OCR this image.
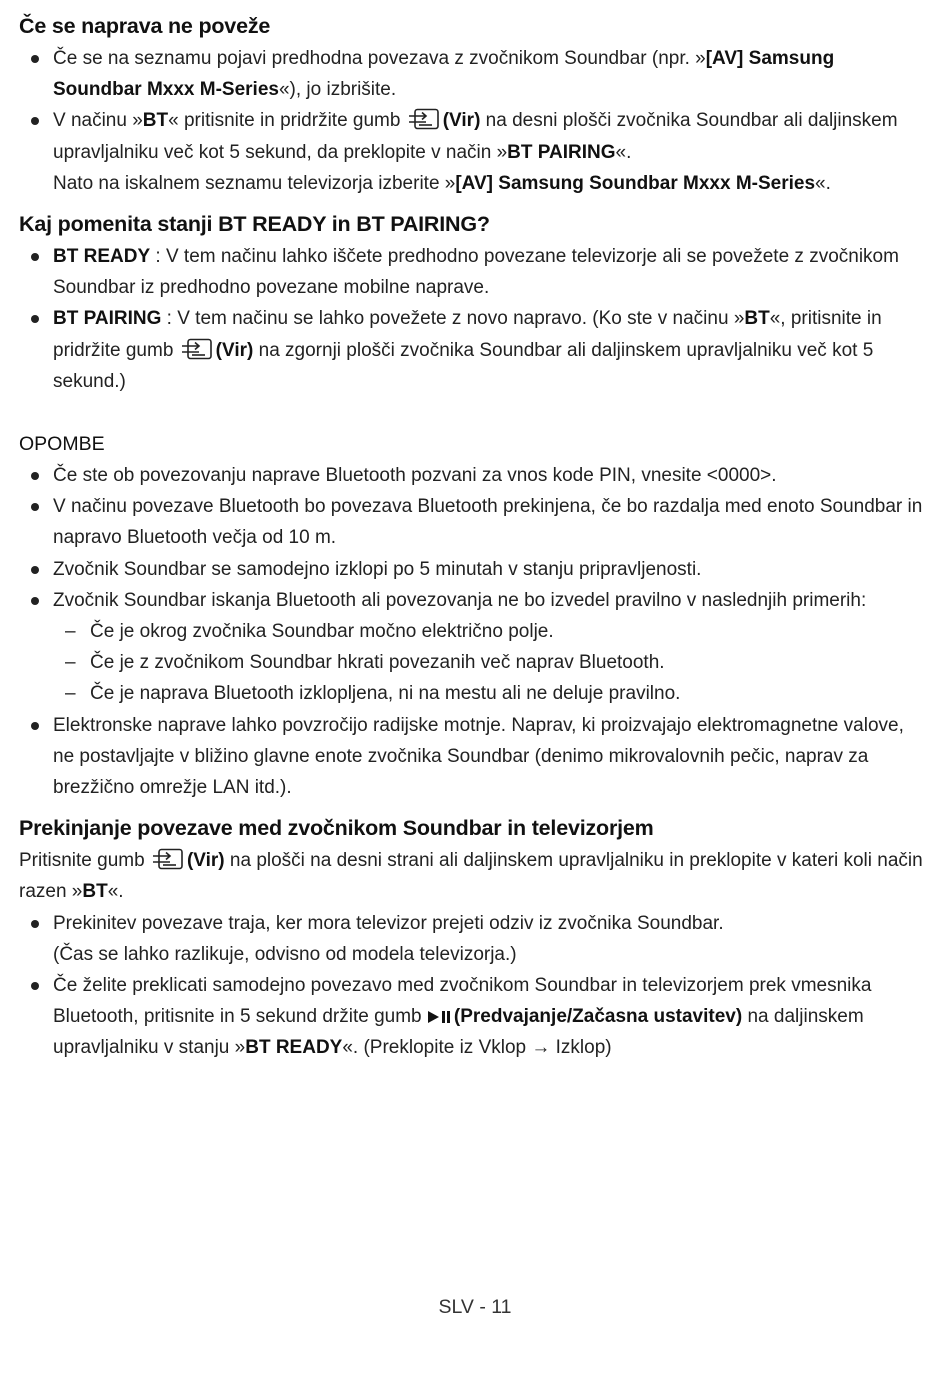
Če se naprava ne poveže
Če se na seznamu pojavi predhodna povezava z zvočnikom Soundbar (npr. »[AV] Samsung Soundbar Mxxx M-Series«), jo izbrišite.
V načinu »BT« pritisnite in pridržite gumb (Vir) na desni plošči zvočnika Soundbar ali daljinskem upravljalniku več kot 5 sekund, da preklopite v način »BT PAIRING«.

Nato na iskalnem seznamu televizorja izberite »[AV] Samsung Soundbar Mxxx M-Series«.

Kaj pomenita stanji BT READY in BT PAIRING?
BT READY : V tem načinu lahko iščete predhodno povezane televizorje ali se povežete z zvočnikom Soundbar iz predhodno povezane mobilne naprave.
BT PAIRING : V tem načinu se lahko povežete z novo napravo. (Ko ste v načinu »BT«, pritisnite in pridržite gumb (Vir) na zgornji plošči zvočnika Soundbar ali daljinskem upravljalniku več kot 5 sekund.)

OPOMBE

Če ste ob povezovanju naprave Bluetooth pozvani za vnos kode PIN, vnesite <0000>.
V načinu povezave Bluetooth bo povezava Bluetooth prekinjena, če bo razdalja med enoto Soundbar in napravo Bluetooth večja od 10 m.
Zvočnik Soundbar se samodejno izklopi po 5 minutah v stanju pripravljenosti.
Zvočnik Soundbar iskanja Bluetooth ali povezovanja ne bo izvedel pravilno v naslednjih primerih:
– Če je okrog zvočnika Soundbar močno električno polje.
– Če je z zvočnikom Soundbar hkrati povezanih več naprav Bluetooth.
– Če je naprava Bluetooth izklopljena, ni na mestu ali ne deluje pravilno.
Elektronske naprave lahko povzročijo radijske motnje. Naprav, ki proizvajajo elektromagnetne valove, ne postavljajte v bližino glavne enote zvočnika Soundbar (denimo mikrovalovnih pečic, naprav za brezžično omrežje LAN itd.).
Prekinjanje povezave med zvočnikom Soundbar in televizorjem

Pritisnite gumb (Vir) na plošči na desni strani ali daljinskem upravljalniku in preklopite v kateri koli način razen »BT«.

Prekinitev povezave traja, ker mora televizor prejeti odziv iz zvočnika Soundbar.
(Čas se lahko razlikuje, odvisno od modela televizorja.)
Če želite preklicati samodejno povezavo med zvočnikom Soundbar in televizorjem prek vmesnika Bluetooth, pritisnite in 5 sekund držite gumb (Predvajanje/Začasna ustavitev) na daljinskem upravljalniku v stanju »BT READY«. (Preklopite iz Vklop → Izklop)
SLV - 11
